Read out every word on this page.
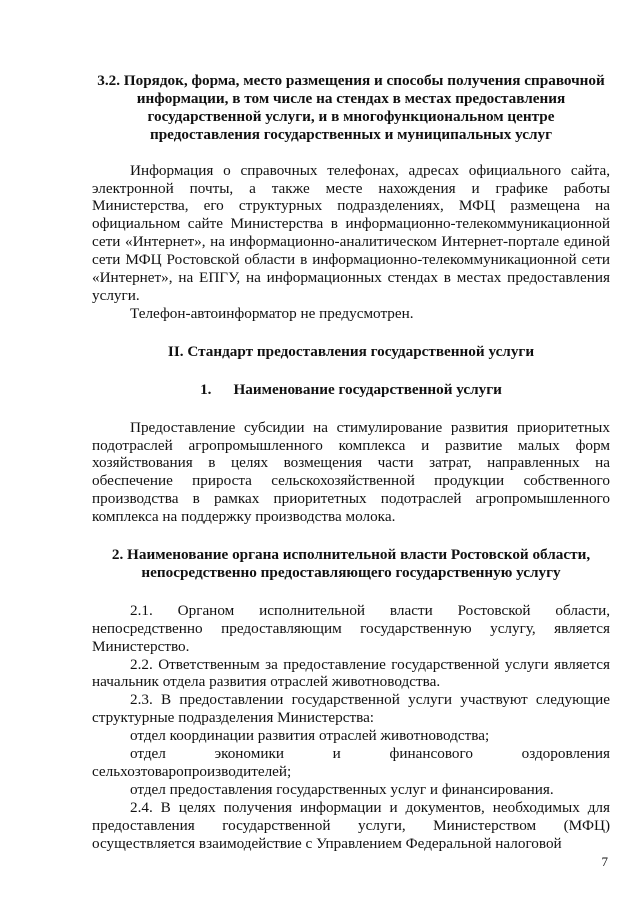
3.2. Порядок, форма, место размещения и способы получения справочной информации, в том числе на стендах в местах предоставления государственной услуги, и в многофункциональном центре предоставления государственных и муниципальных услуг

Информация о справочных телефонах, адресах официального сайта, электронной почты, а также месте нахождения и графике работы Министерства, его структурных подразделениях, МФЦ размещена на официальном сайте Министерства в информационно-телекоммуникационной сети «Интернет», на информационно-аналитическом Интернет-портале единой сети МФЦ Ростовской области в информационно-телекоммуникационной сети «Интернет», на ЕПГУ, на информационных стендах в местах предоставления услуги.

Телефон-автоинформатор не предусмотрен.

II. Стандарт предоставления государственной услуги

1. Наименование государственной услуги

Предоставление субсидии на стимулирование развития приоритетных подотраслей агропромышленного комплекса и развитие малых форм хозяйствования в целях возмещения части затрат, направленных на обеспечение прироста сельскохозяйственной продукции собственного производства в рамках приоритетных подотраслей агропромышленного комплекса на поддержку производства молока.

2. Наименование органа исполнительной власти Ростовской области, непосредственно предоставляющего государственную услугу

2.1. Органом исполнительной власти Ростовской области, непосредственно предоставляющим государственную услугу, является Министерство.

2.2. Ответственным за предоставление государственной услуги является начальник отдела развития отраслей животноводства.

2.3. В предоставлении государственной услуги участвуют следующие структурные подразделения Министерства:

отдел координации развития отраслей животноводства;

отдел экономики и финансового оздоровления сельхозтоваропроизводителей;

отдел предоставления государственных услуг и финансирования.

2.4. В целях получения информации и документов, необходимых для предоставления государственной услуги, Министерством (МФЦ) осуществляется взаимодействие с Управлением Федеральной налоговой

7
